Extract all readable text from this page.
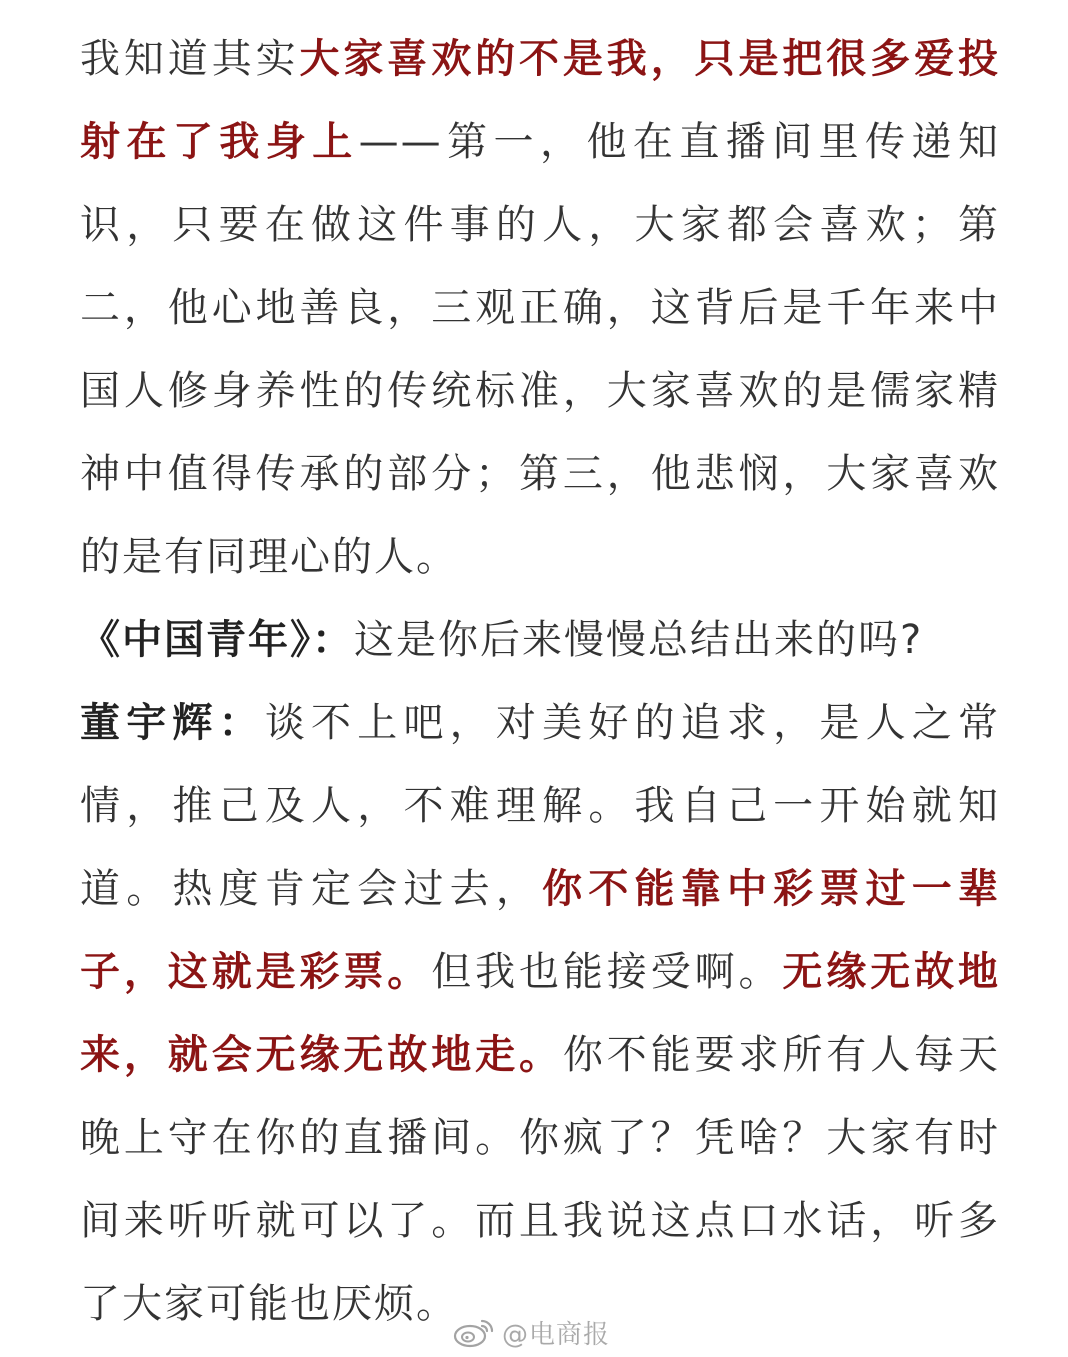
我知道其实大家喜欢的不是我，只是把很多爱投射在了我身上——第一，他在直播间里传递知识，只要在做这件事的人，大家都会喜欢；第二，他心地善良，三观正确，这背后是千年来中国人修身养性的传统标准，大家喜欢的是儒家精神中值得传承的部分；第三，他悲悯，大家喜欢的是有同理心的人。

《中国青年》：这是你后来慢慢总结出来的吗?

董宇辉：谈不上吧，对美好的追求，是人之常情，推己及人，不难理解。我自己一开始就知道。热度肯定会过去，你不能靠中彩票过一辈子，这就是彩票。但我也能接受啊。无缘无故地来，就会无缘无故地走。你不能要求所有人每天晚上守在你的直播间。你疯了？凭啥？大家有时间来听听就可以了。而且我说这点口水话，听多了大家可能也厌烦。

@电商报
